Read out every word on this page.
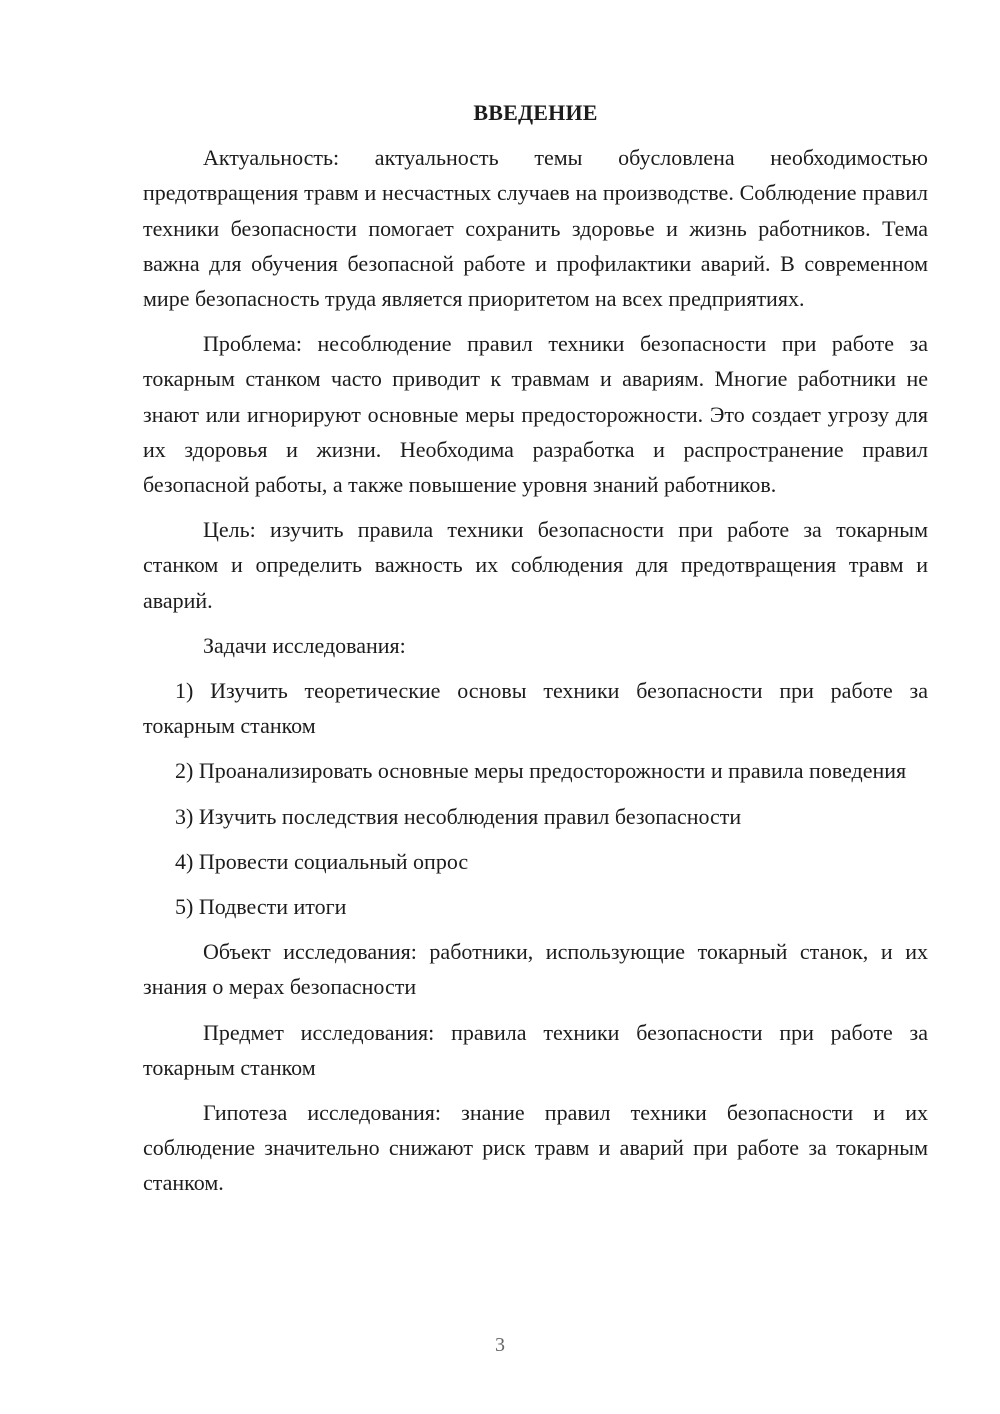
ВВЕДЕНИЕ

Актуальность: актуальность темы обусловлена необходимостью предотвращения травм и несчастных случаев на производстве. Соблюдение правил техники безопасности помогает сохранить здоровье и жизнь работников. Тема важна для обучения безопасной работе и профилактики аварий. В современном мире безопасность труда является приоритетом на всех предприятиях.

Проблема: несоблюдение правил техники безопасности при работе за токарным станком часто приводит к травмам и авариям. Многие работники не знают или игнорируют основные меры предосторожности. Это создает угрозу для их здоровья и жизни. Необходима разработка и распространение правил безопасной работы, а также повышение уровня знаний работников.

Цель: изучить правила техники безопасности при работе за токарным станком и определить важность их соблюдения для предотвращения травм и аварий.

Задачи исследования:

1) Изучить теоретические основы техники безопасности при работе за токарным станком

2) Проанализировать основные меры предосторожности и правила поведения

3) Изучить последствия несоблюдения правил безопасности

4) Провести социальный опрос

5) Подвести итоги

Объект исследования: работники, использующие токарный станок, и их знания о мерах безопасности

Предмет исследования: правила техники безопасности при работе за токарным станком

Гипотеза исследования: знание правил техники безопасности и их соблюдение значительно снижают риск травм и аварий при работе за токарным станком.

3
